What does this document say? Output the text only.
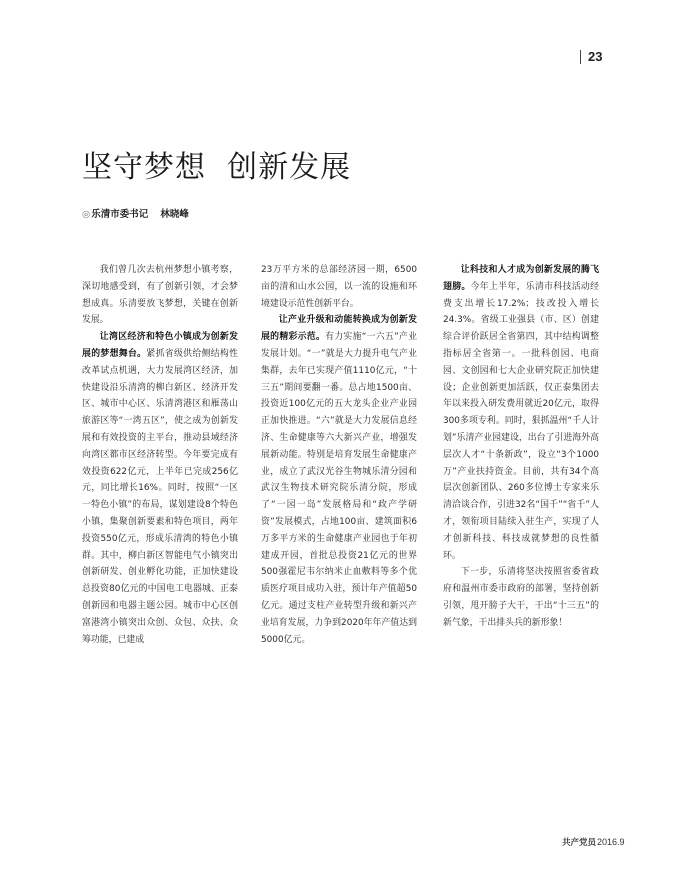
23
坚守梦想  创新发展
◎乐清市委书记 林晓峰

我们曾几次去杭州梦想小镇考察，深切地感受到，有了创新引领，才会梦想成真。乐清要放飞梦想，关键在创新发展。

让湾区经济和特色小镇成为创新发展的梦想舞台。紧抓省级供给侧结构性改革试点机遇，大力发展湾区经济，加快建设沿乐清湾的柳白新区、经济开发区、城市中心区、乐清湾港区和雁荡山旅游区等“一湾五区”，使之成为创新发展和有效投资的主平台，推动县域经济向湾区都市区经济转型。今年要完成有效投资622亿元，上半年已完成256亿元，同比增长16%。同时，按照“一区一特色小镇”的布局，谋划建设8个特色小镇，集聚创新要素和特色项目，两年投资550亿元，形成乐清湾的特色小镇群。其中，柳白新区智能电气小镇突出创新研发、创业孵化功能，正加快建设总投资80亿元的中国电工电器城、正泰创新园和电器主题公园。城市中心区创富港湾小镇突出众创、众包、众扶、众筹功能，已建成

23万平方米的总部经济园一期，6500亩的清和山水公园，以一流的设施和环境建设示范性创新平台。

让产业升级和动能转换成为创新发展的精彩示范。有力实施“一六五”产业发展计划。“一”就是大力提升电气产业集群，去年已实现产值1110亿元，“十三五”期间要翻一番。总占地1500亩、投资近100亿元的五大龙头企业产业园正加快推进。“六”就是大力发展信息经济、生命健康等六大新兴产业，增强发展新动能。特别是培育发展生命健康产业，成立了武汉光谷生物城乐清分园和武汉生物技术研究院乐清分院，形成了“一园一岛”发展格局和“政产学研资”发展模式，占地100亩、建筑面积6万多平方米的生命健康产业园也于年初建成开园，首批总投资21亿元的世界500强霍尼韦尔纳米止血敷料等多个优质医疗项目成功入驻，预计年产值超50亿元。通过支柱产业转型升级和新兴产业培育发展，力争到2020年年产值达到5000亿元。

让科技和人才成为创新发展的腾飞翅膀。今年上半年，乐清市科技活动经费支出增长17.2%；技改投入增长24.3%。省级工业强县（市、区）创建综合评价跃居全省第四，其中结构调整指标居全省第一。一批科创园、电商园、文创园和七大企业研究院正加快建设；企业创新更加活跃，仅正泰集团去年以来投入研发费用就近20亿元，取得300多项专利。同时，狠抓温州“千人计划”乐清产业园建设，出台了引进海外高层次人才“十条新政”，设立“3个1000万”产业扶持资金。目前，共有34个高层次创新团队、260多位博士专家来乐清洽谈合作，引进32名“国千”“省千”人才，领衔项目陆续入驻生产，实现了人才创新科技、科技成就梦想的良性循环。

下一步，乐清将坚决按照省委省政府和温州市委市政府的部署，坚持创新引领，甩开膀子大干，干出“十三五”的新气象，干出排头兵的新形象！

共产党员2016.9
